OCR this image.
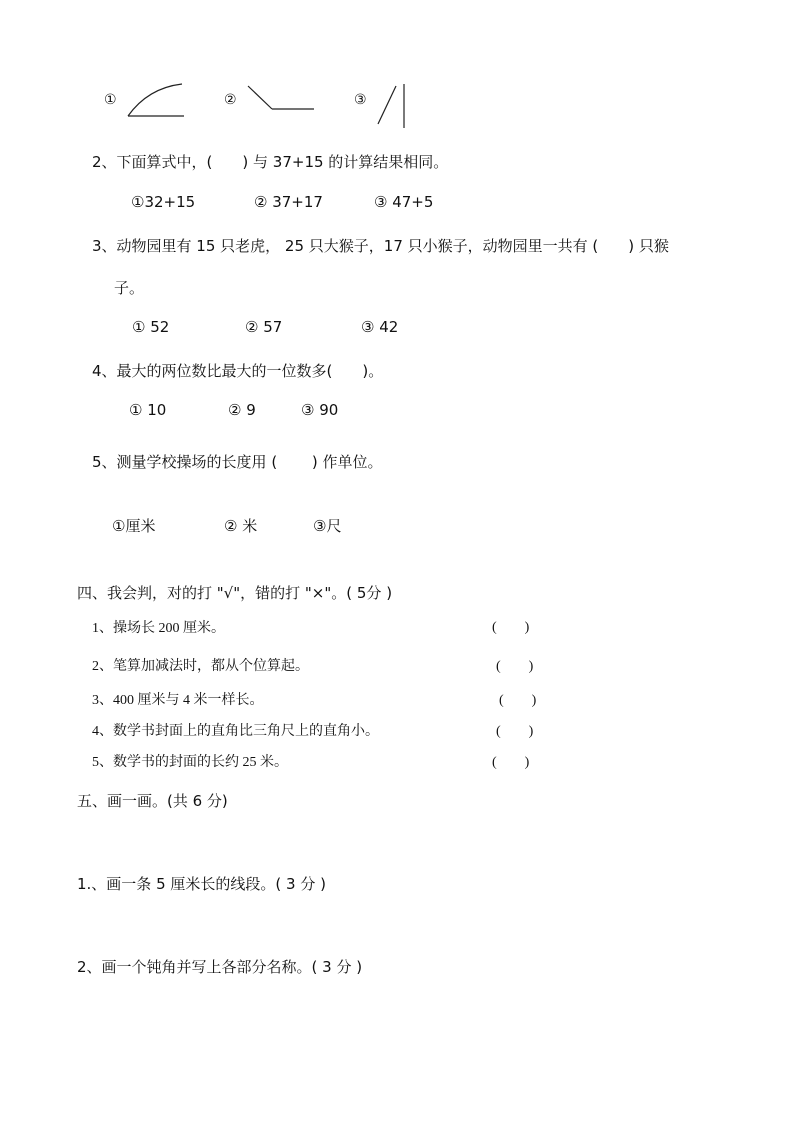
①	②	③
2、下面算式中，(　　) 与 37+15 的计算结果相同。
①32+15	② 37+17	③ 47+5
3、动物园里有 15 只老虎， 25 只大猴子，17 只小猴子，动物园里一共有 (　　) 只猴
子。
① 52	② 57	③ 42
4、最大的两位数比最大的一位数多(　　)。
① 10	② 9	③ 90
5、测量学校操场的长度用 (　　 ) 作单位。
①厘米	② 米	③尺
四、我会判，对的打 "√"，错的打 "×"。( 5分 )
1、操场长 200 厘米。	(　　)
2、笔算加减法时，都从个位算起。	(　　)
3、400 厘米与 4 米一样长。	(　　)
4、数学书封面上的直角比三角尺上的直角小。	(　　)
5、数学书的封面的长约 25 米。	(　　)
五、画一画。(共 6 分)
1.、画一条 5 厘米长的线段。( 3 分 )
2、画一个钝角并写上各部分名称。( 3 分 )
